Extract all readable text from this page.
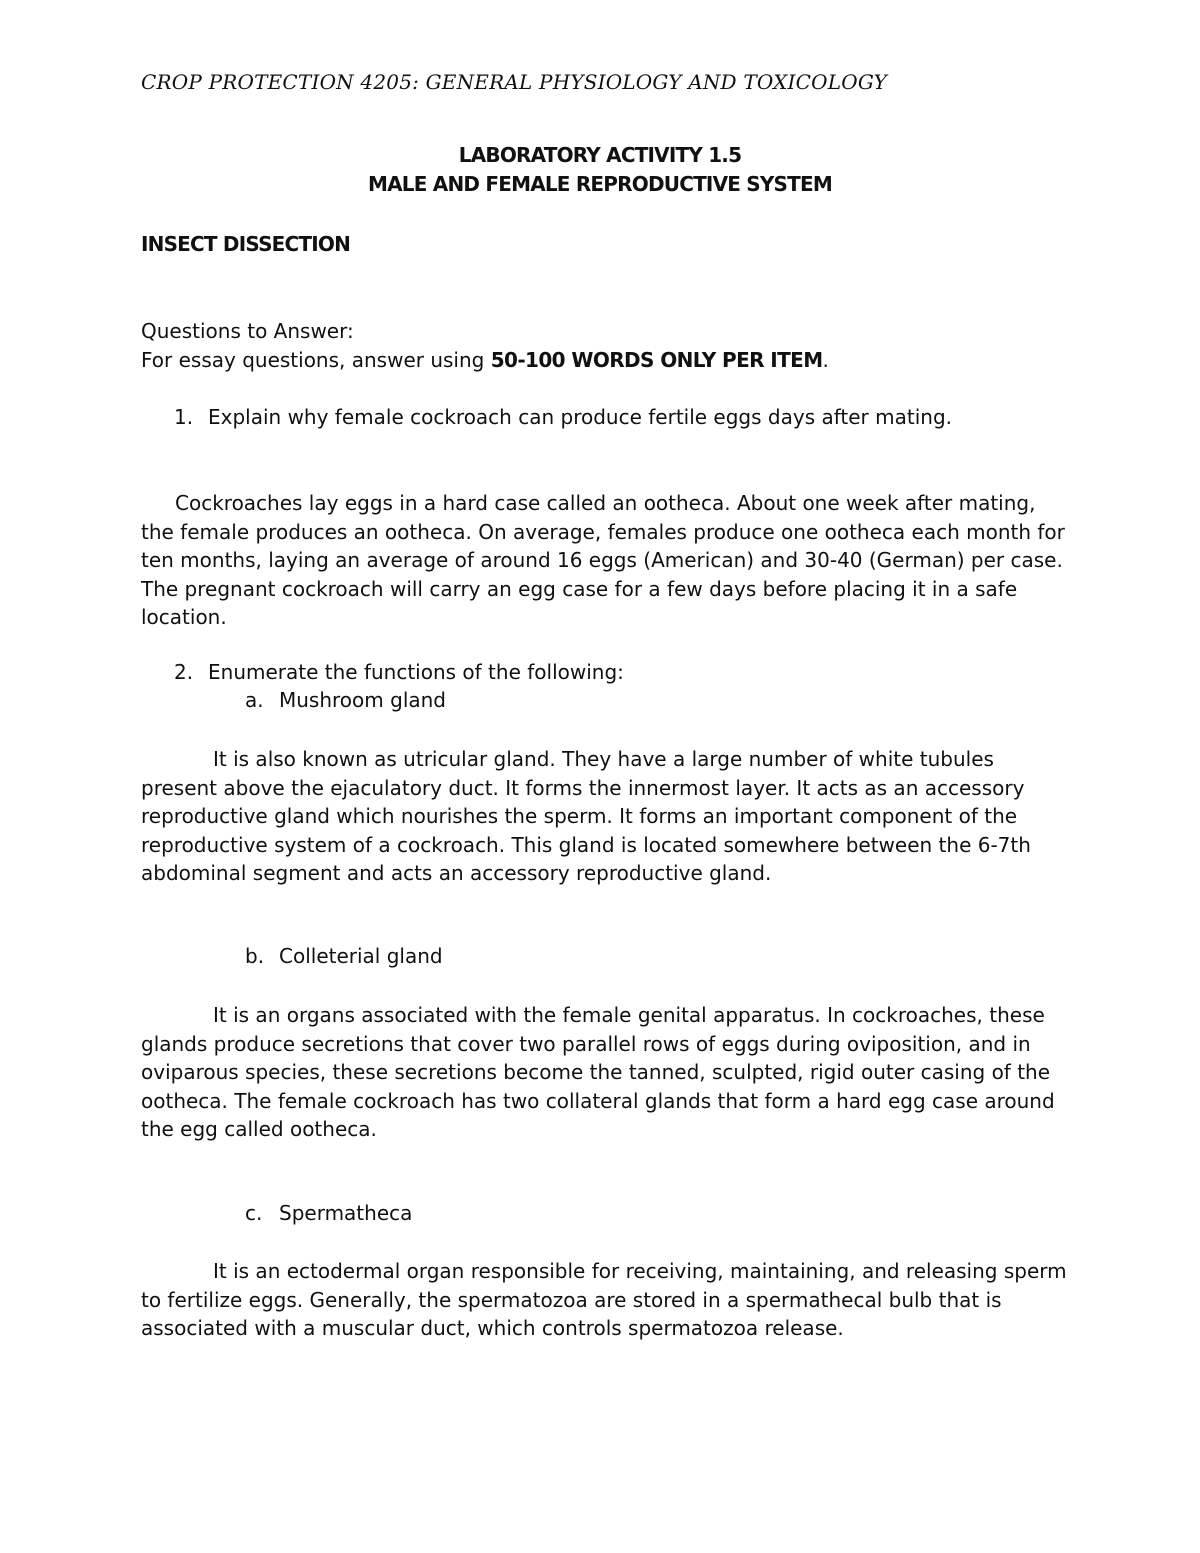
CROP PROTECTION 4205: GENERAL PHYSIOLOGY AND TOXICOLOGY
LABORATORY ACTIVITY 1.5
MALE AND FEMALE REPRODUCTIVE SYSTEM
INSECT DISSECTION
Questions to Answer:
For essay questions, answer using 50-100 WORDS ONLY PER ITEM.
1. Explain why female cockroach can produce fertile eggs days after mating.

Cockroaches lay eggs in a hard case called an ootheca. About one week after mating, the female produces an ootheca. On average, females produce one ootheca each month for ten months, laying an average of around 16 eggs (American) and 30-40 (German) per case. The pregnant cockroach will carry an egg case for a few days before placing it in a safe location.

2. Enumerate the functions of the following:
a. Mushroom gland

It is also known as utricular gland. They have a large number of white tubules present above the ejaculatory duct. It forms the innermost layer. It acts as an accessory reproductive gland which nourishes the sperm. It forms an important component of the reproductive system of a cockroach. This gland is located somewhere between the 6-7th abdominal segment and acts an accessory reproductive gland.

b. Colleterial gland

It is an organs associated with the female genital apparatus. In cockroaches, these glands produce secretions that cover two parallel rows of eggs during oviposition, and in oviparous species, these secretions become the tanned, sculpted, rigid outer casing of the ootheca. The female cockroach has two collateral glands that form a hard egg case around the egg called ootheca.

c. Spermatheca

It is an ectodermal organ responsible for receiving, maintaining, and releasing sperm to fertilize eggs. Generally, the spermatozoa are stored in a spermathecal bulb that is associated with a muscular duct, which controls spermatozoa release.
